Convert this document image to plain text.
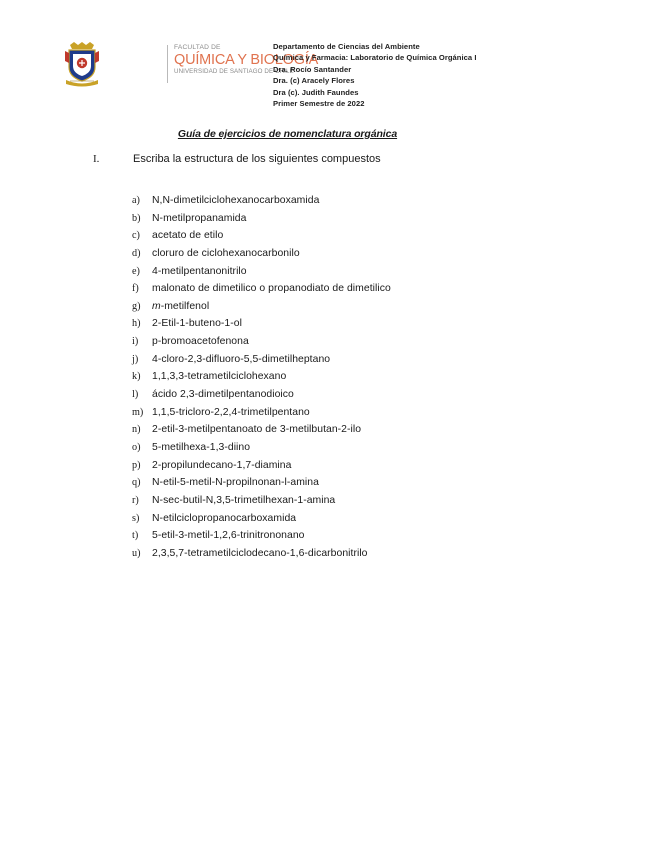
FACULTAD DE
QUÍMICA Y BIOLOGÍA
UNIVERSIDAD DE SANTIAGO DE CHILE
Departamento de Ciencias del Ambiente
Química y Farmacia: Laboratorio de Química Orgánica I
Dra. Rocío Santander
Dra. (c) Aracely Flores
Dra (c). Judith Faundes
Primer Semestre de 2022
Guía de ejercicios de nomenclatura orgánica
I.	Escriba la estructura de los siguientes compuestos
a) N,N-dimetilciclohexanocarboxamida
b) N-metilpropanamida
c) acetato de etilo
d) cloruro de ciclohexanocarbonilo
e) 4-metilpentanonitrilo
f) malonato de dimetilico o propanodiato de dimetilico
g) m-metilfenol
h) 2-Etil-1-buteno-1-ol
i) p-bromoacetofenona
j) 4-cloro-2,3-difluoro-5,5-dimetilheptano
k) 1,1,3,3-tetrametilciclohexano
l) ácido 2,3-dimetilpentanodioico
m) 1,1,5-tricloro-2,2,4-trimetilpentano
n) 2-etil-3-metilpentanoato de 3-metilbutan-2-ilo
o) 5-metilhexa-1,3-diino
p) 2-propilundecano-1,7-diamina
q) N-etil-5-metil-N-propilnonan-l-amina
r) N-sec-butil-N,3,5-trimetilhexan-1-amina
s) N-etilciclopropanocarboxamida
t) 5-etil-3-metil-1,2,6-trinitrononano
u) 2,3,5,7-tetrametilciclodecano-1,6-dicarbonitrilo
